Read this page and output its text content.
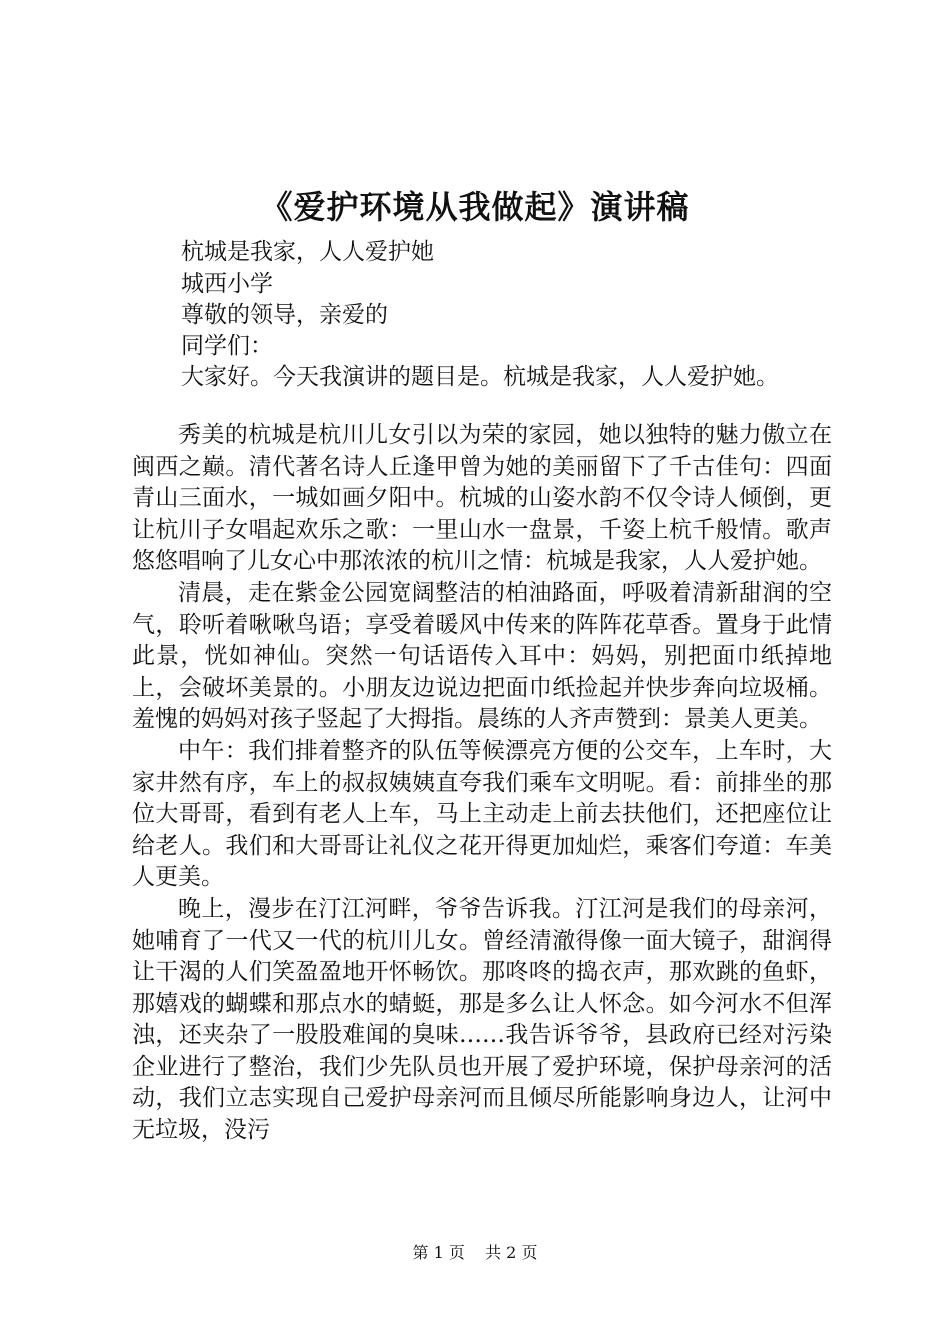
《爱护环境从我做起》演讲稿
杭城是我家，人人爱护她
城西小学
尊敬的领导，亲爱的
同学们：
大家好。今天我演讲的题目是。杭城是我家，人人爱护她。

秀美的杭城是杭川儿女引以为荣的家园，她以独特的魅力傲立在闽西之巅。清代著名诗人丘逢甲曾为她的美丽留下了千古佳句：四面青山三面水，一城如画夕阳中。杭城的山姿水韵不仅令诗人倾倒，更让杭川子女唱起欢乐之歌：一里山水一盘景，千姿上杭千般情。歌声悠悠唱响了儿女心中那浓浓的杭川之情：杭城是我家，人人爱护她。

清晨，走在紫金公园宽阔整洁的柏油路面，呼吸着清新甜润的空气，聆听着啾啾鸟语；享受着暖风中传来的阵阵花草香。置身于此情此景，恍如神仙。突然一句话语传入耳中：妈妈，别把面巾纸掉地上，会破坏美景的。小朋友边说边把面巾纸捡起并快步奔向垃圾桶。羞愧的妈妈对孩子竖起了大拇指。晨练的人齐声赞到：景美人更美。

中午：我们排着整齐的队伍等候漂亮方便的公交车，上车时，大家井然有序，车上的叔叔姨姨直夸我们乘车文明呢。看：前排坐的那位大哥哥，看到有老人上车，马上主动走上前去扶他们，还把座位让给老人。我们和大哥哥让礼仪之花开得更加灿烂，乘客们夸道：车美人更美。

晚上，漫步在汀江河畔，爷爷告诉我。汀江河是我们的母亲河，她哺育了一代又一代的杭川儿女。曾经清澈得像一面大镜子，甜润得让干渴的人们笑盈盈地开怀畅饮。那咚咚的捣衣声，那欢跳的鱼虾，那嬉戏的蝴蝶和那点水的蜻蜓，那是多么让人怀念。如今河水不但浑浊，还夹杂了一股股难闻的臭味……我告诉爷爷，县政府已经对污染企业进行了整治，我们少先队员也开展了爱护环境，保护母亲河的活动，我们立志实现自己爱护母亲河而且倾尽所能影响身边人，让河中无垃圾，没污

第 1 页 共 2 页
